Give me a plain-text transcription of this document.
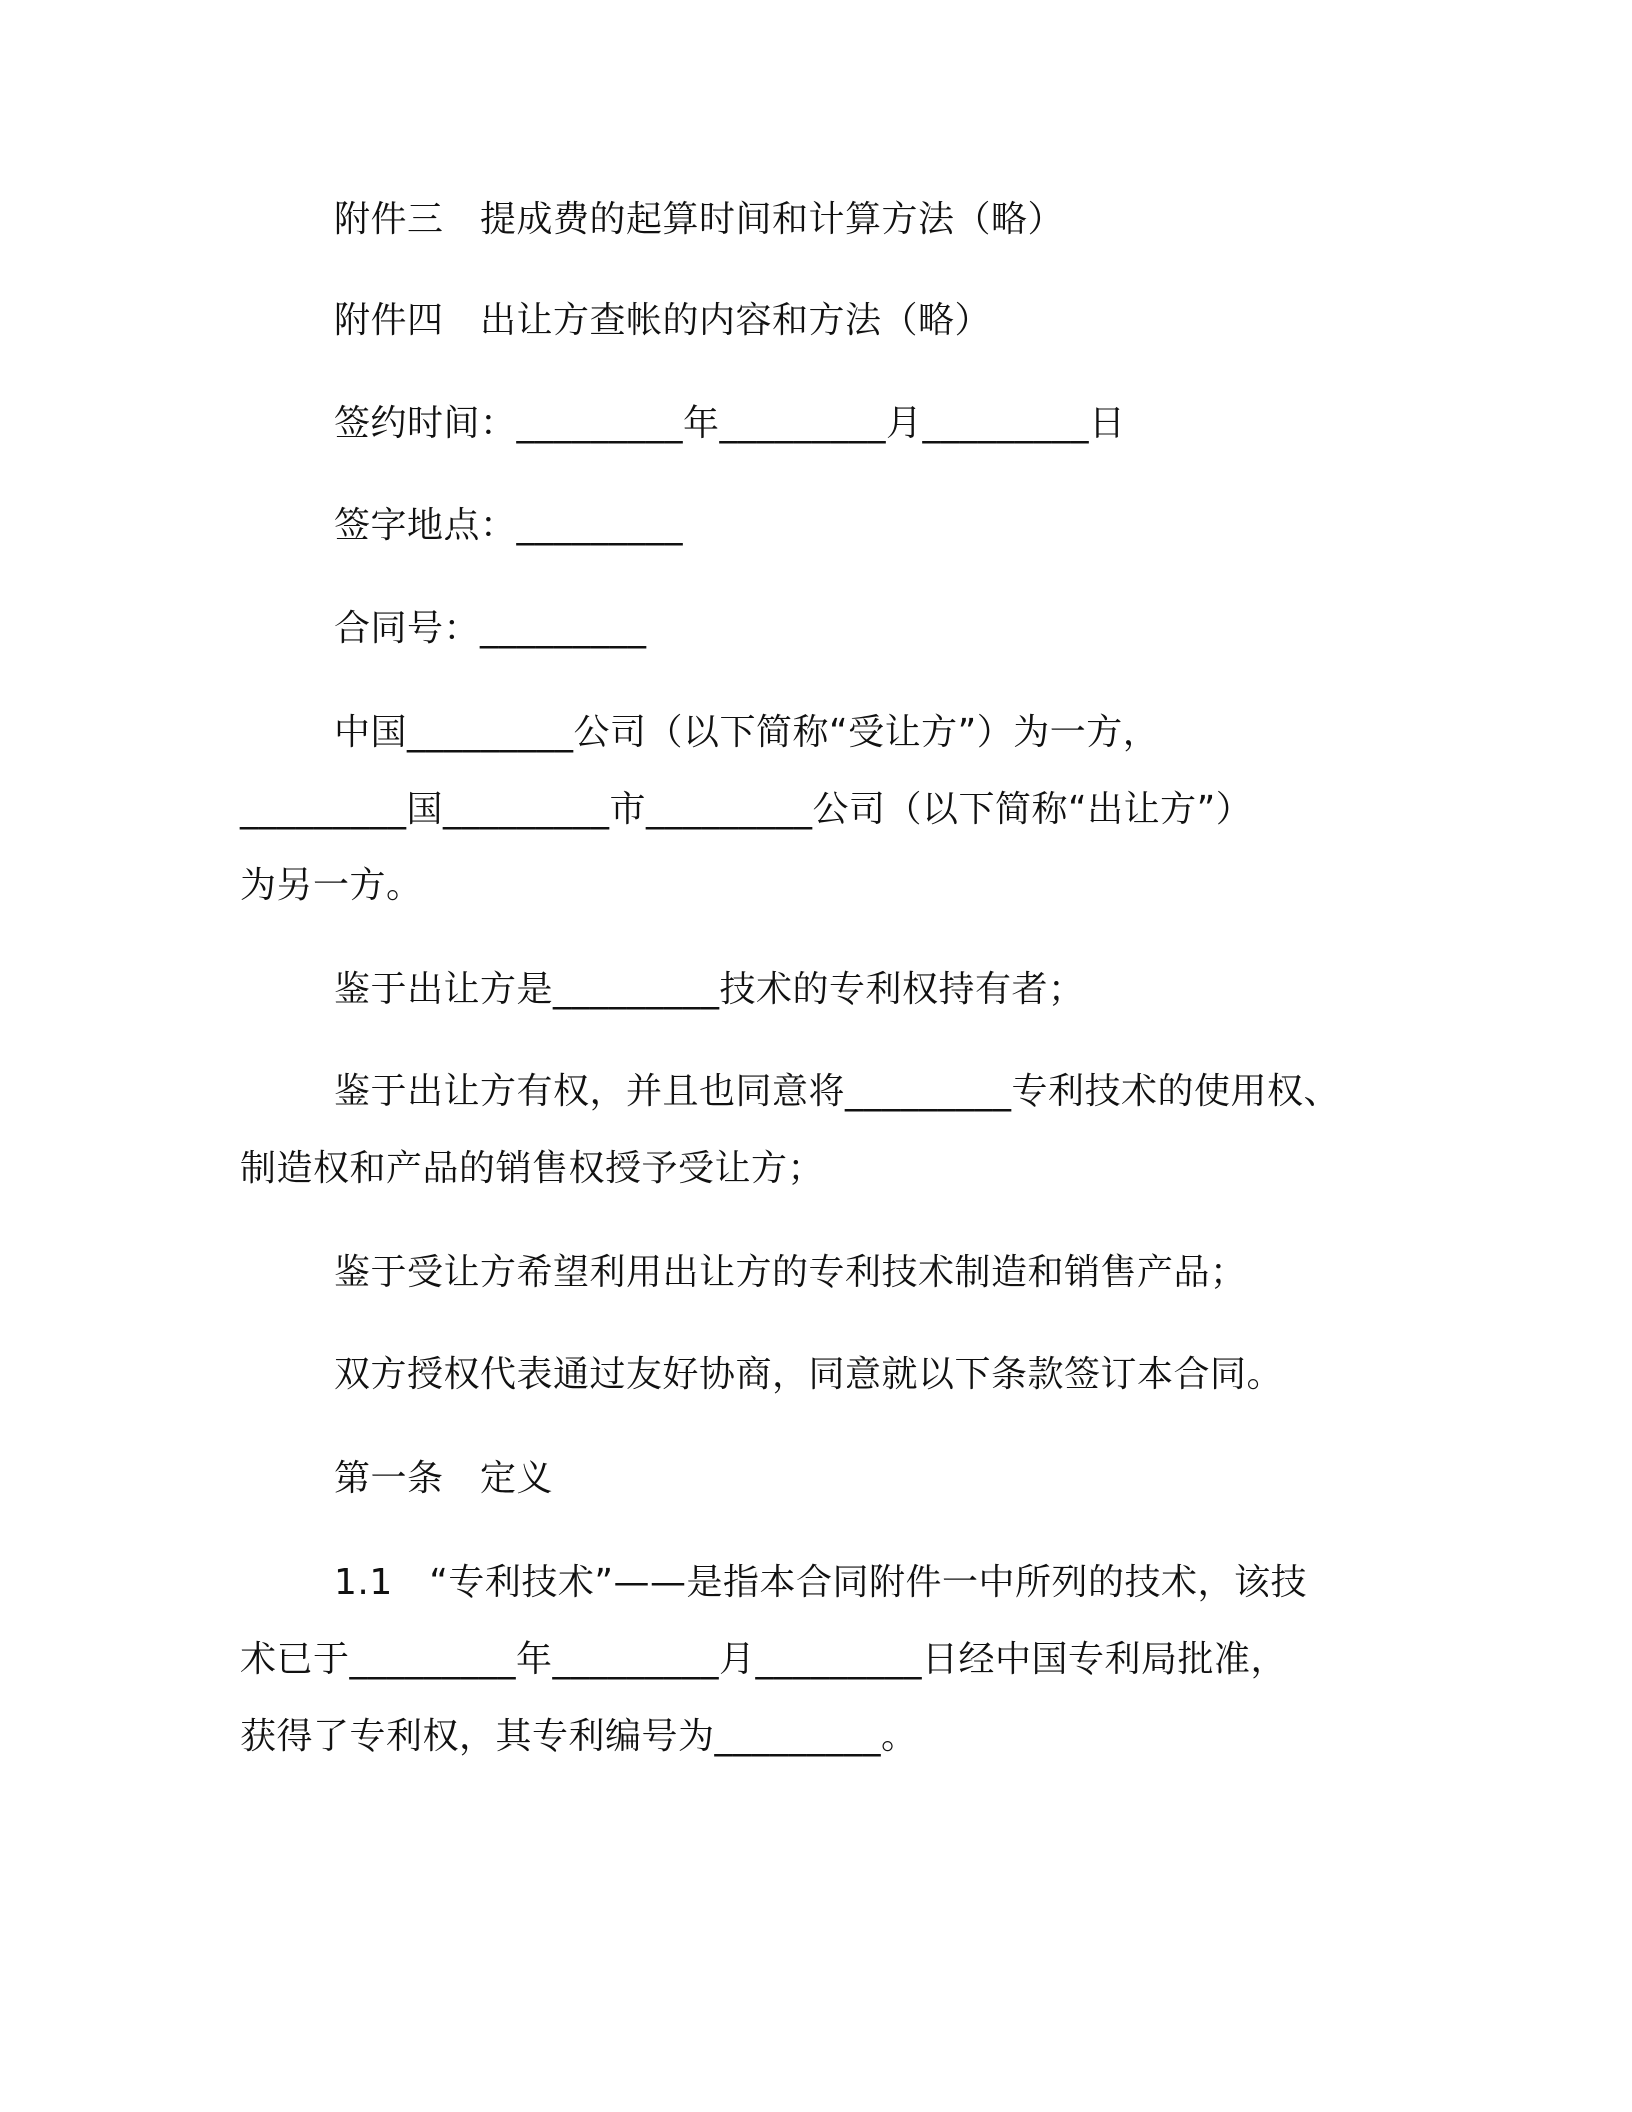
附件三　提成费的起算时间和计算方法（略）
附件四　出让方查帐的内容和方法（略）
签约时间：_________年_________月_________日
签字地点：_________
合同号：_________
中国_________公司（以下简称“受让方”）为一方，
_________国_________市_________公司（以下简称“出让方”）
为另一方。
鉴于出让方是_________技术的专利权持有者；
鉴于出让方有权，并且也同意将_________专利技术的使用权、
制造权和产品的销售权授予受让方；
鉴于受让方希望利用出让方的专利技术制造和销售产品；
双方授权代表通过友好协商，同意就以下条款签订本合同。
第一条　定义
1.1　“专利技术”——是指本合同附件一中所列的技术，该技
术已于_________年_________月_________日经中国专利局批准，
获得了专利权，其专利编号为_________。
